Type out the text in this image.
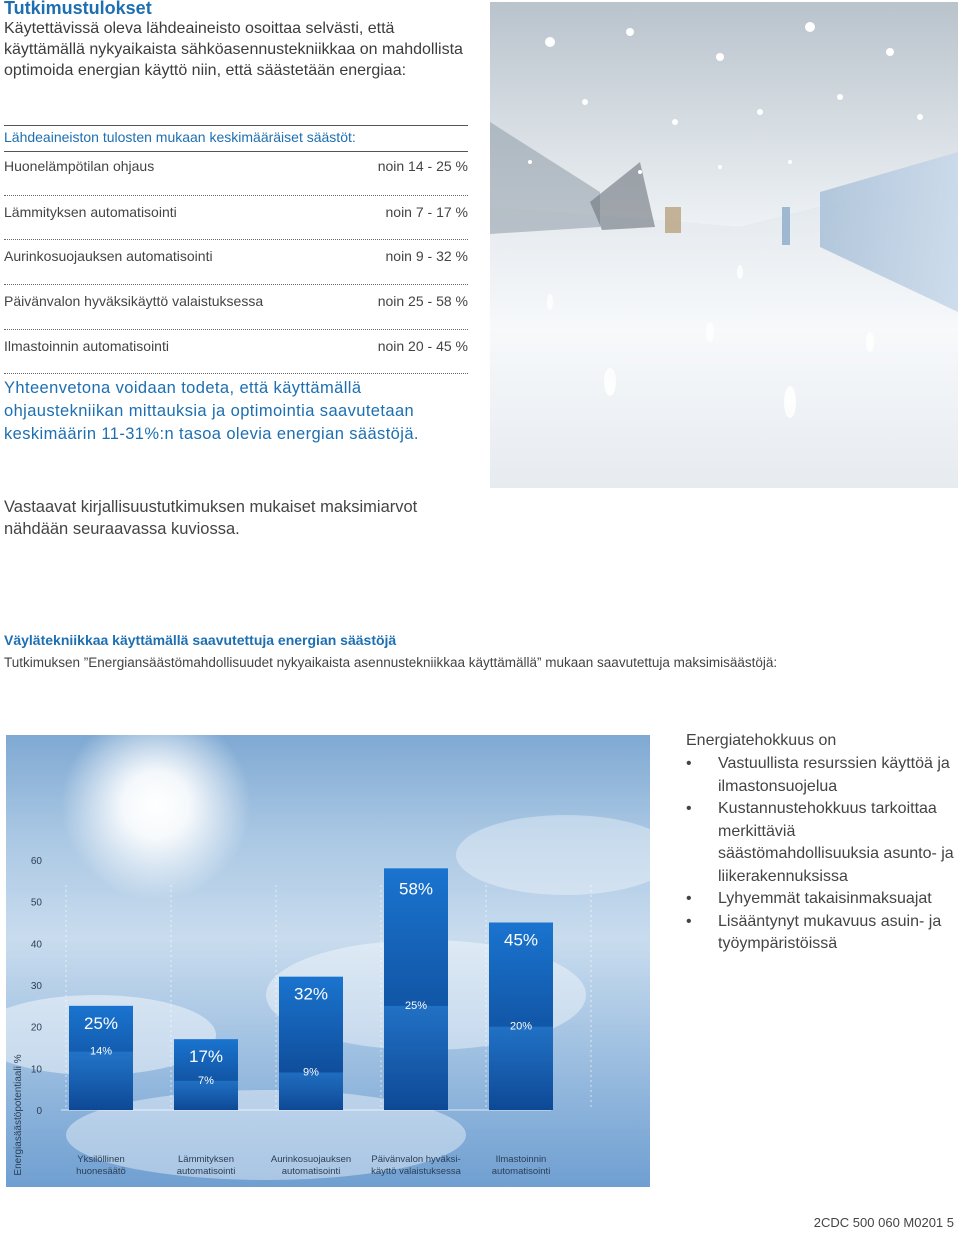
Tutkimustulokset
Käytettävissä oleva lähdeaineisto osoittaa selvästi, että käyttämällä nykyaikaista sähköasennustekniikkaa on mahdollista optimoida energian käyttö niin, että säästetään energiaa:
Lähdeaineiston tulosten mukaan keskimääräiset säästöt:
Huonelämpötilan ohjaus	noin 14 - 25 %
Lämmityksen automatisointi	noin 7 - 17 %
Aurinkosuojauksen automatisointi	noin 9 - 32 %
Päivänvalon hyväksikäyttö valaistuksessa	noin 25 - 58 %
Ilmastoinnin automatisointi	noin 20 - 45 %
Yhteenvetona voidaan todeta, että käyttämällä ohjaustekniikan mittauksia ja optimointia saavutetaan keskimäärin 11-31%:n tasoa olevia energian säästöjä.
Vastaavat kirjallisuustutkimuksen mukaiset maksimiarvot nähdään seuraavassa kuviossa.
Väylätekniikkaa käyttämällä saavutettuja energian säästöjä
Tutkimuksen ”Energiansäästömahdollisuudet nykyaikaista asennustekniikkaa käyttämällä” mukaan saavutettuja maksimisäästöjä:
25%
14%	17%
7%
32%
9%
58%
25%
45%
20%
0
10
20
30
40
50
60
Yksilöllinen
huonesäätö
Lämmityksen
automatisointi
Aurinkosuojauksen
automatisointi
Päivänvalon hyväksi-
käyttö valaistuksessa
Ilmastoinnin
automatisointi
Energiasäästöpotentiaali %
Energiatehokkuus on
• Vastuullista resurssien käyttöä ja ilmastonsuojelua
• Kustannustehokkuus tarkoittaa merkittäviä säästömahdollisuuksia asunto- ja liikerakennuksissa
• Lyhyemmät takaisinmaksuajat
• Lisääntynyt mukavuus asuin- ja työympäristöissä
2CDC 500 060 M0201 5
